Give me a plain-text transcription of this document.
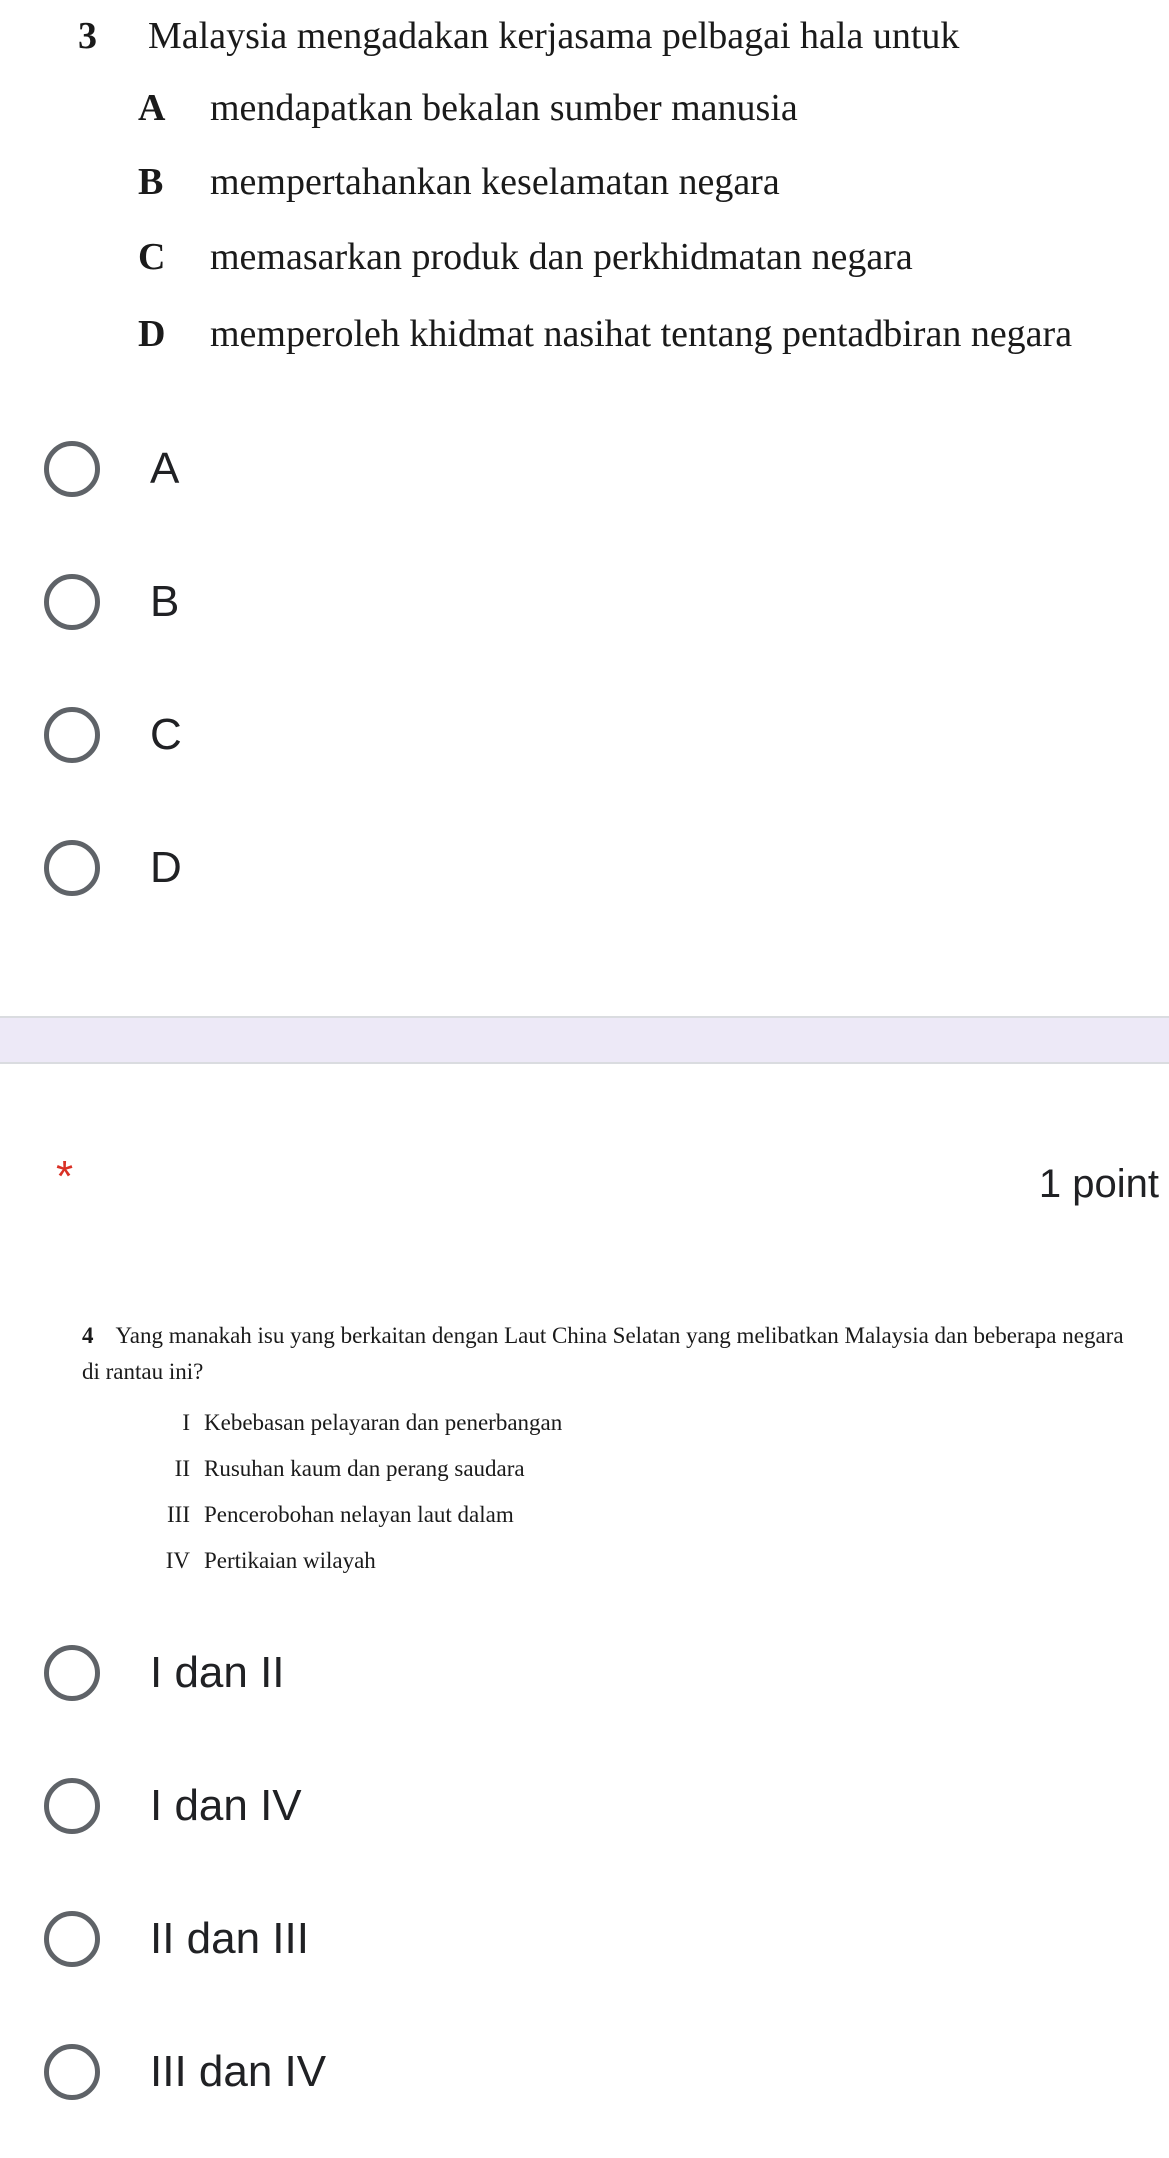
3 Malaysia mengadakan kerjasama pelbagai hala untuk
A mendapatkan bekalan sumber manusia
B mempertahankan keselamatan negara
C memasarkan produk dan perkhidmatan negara
D memperoleh khidmat nasihat tentang pentadbiran negara
A
B
C
D
*	1 point
4 Yang manakah isu yang berkaitan dengan Laut China Selatan yang melibatkan Malaysia dan beberapa negara di rantau ini?
I Kebebasan pelayaran dan penerbangan
II Rusuhan kaum dan perang saudara
III Pencerobohan nelayan laut dalam
IV Pertikaian wilayah
I dan II
I dan IV
II dan III
III dan IV
